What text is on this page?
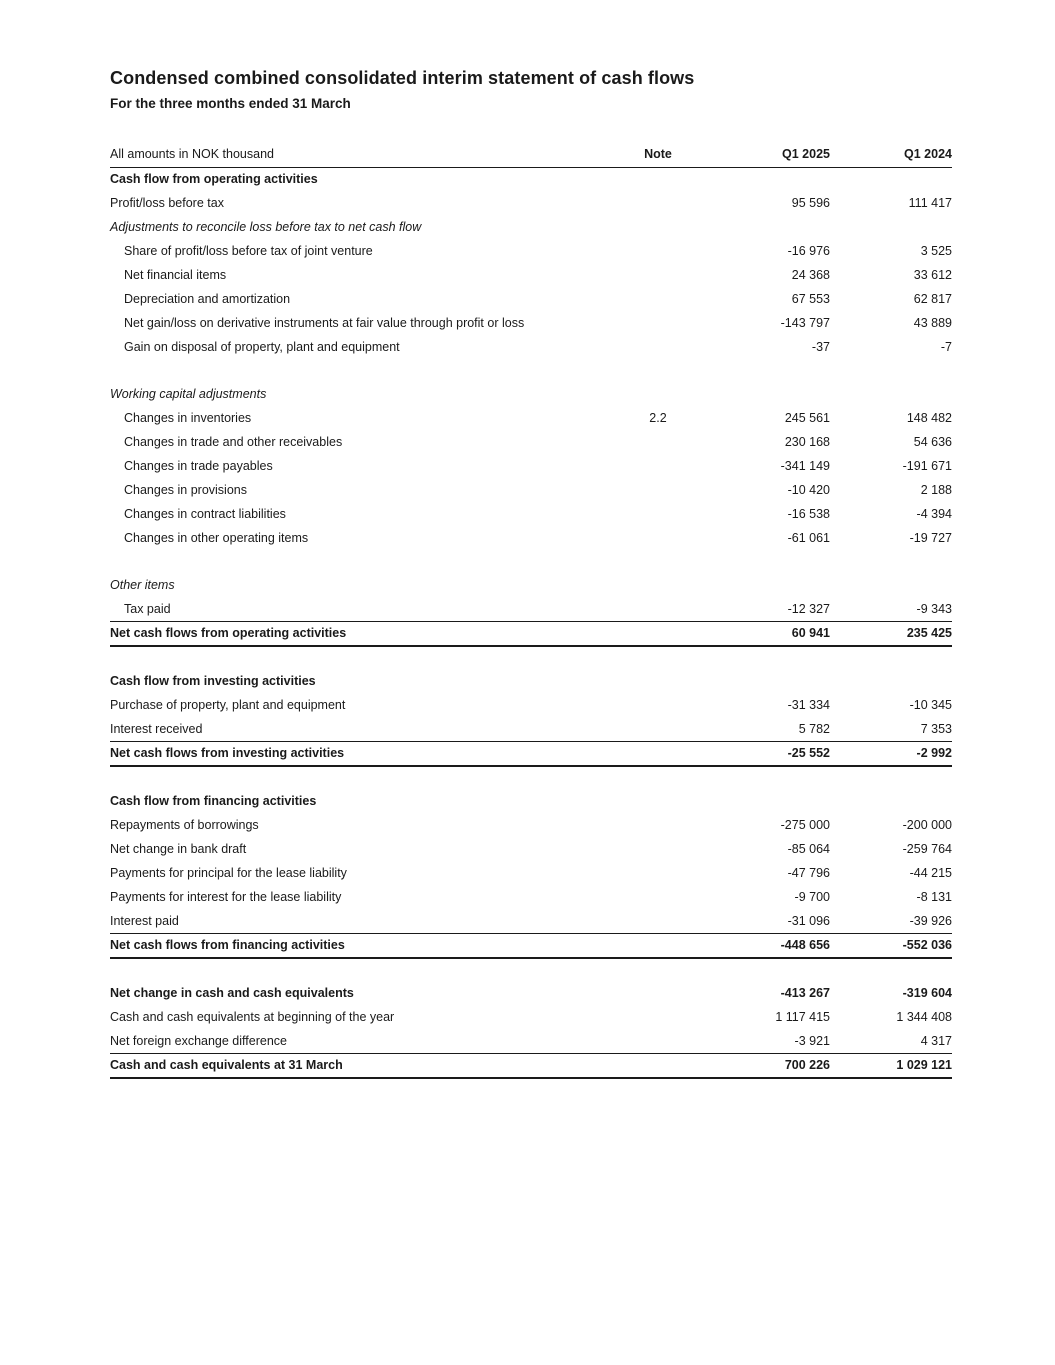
Condensed combined consolidated interim statement of cash flows
For the three months ended 31 March
All amounts in NOK thousand	Note	Q1 2025	Q1 2024
Cash flow from operating activities			
Profit/loss before tax		95 596	111 417
Adjustments to reconcile loss before tax to net cash flow			
Share of profit/loss before tax of joint venture		-16 976	3 525
Net financial items		24 368	33 612
Depreciation and amortization		67 553	62 817
Net gain/loss on derivative instruments at fair value through profit or loss		-143 797	43 889
Gain on disposal of property, plant and equipment		-37	-7

Working capital adjustments			
Changes in inventories	2.2	245 561	148 482
Changes in trade and other receivables		230 168	54 636
Changes in trade payables		-341 149	-191 671
Changes in provisions		-10 420	2 188
Changes in contract liabilities		-16 538	-4 394
Changes in other operating items		-61 061	-19 727

Other items			
Tax paid		-12 327	-9 343
Net cash flows from operating activities		60 941	235 425

Cash flow from investing activities			
Purchase of property, plant and equipment		-31 334	-10 345
Interest received		5 782	7 353
Net cash flows from investing activities		-25 552	-2 992

Cash flow from financing activities			
Repayments of borrowings		-275 000	-200 000
Net change in bank draft		-85 064	-259 764
Payments for principal for the lease liability		-47 796	-44 215
Payments for interest for the lease liability		-9 700	-8 131
Interest paid		-31 096	-39 926
Net cash flows from financing activities		-448 656	-552 036

Net change in cash and cash equivalents		-413 267	-319 604
Cash and cash equivalents at beginning of the year		1 117 415	1 344 408
Net foreign exchange difference		-3 921	4 317
Cash and cash equivalents at 31 March		700 226	1 029 121
